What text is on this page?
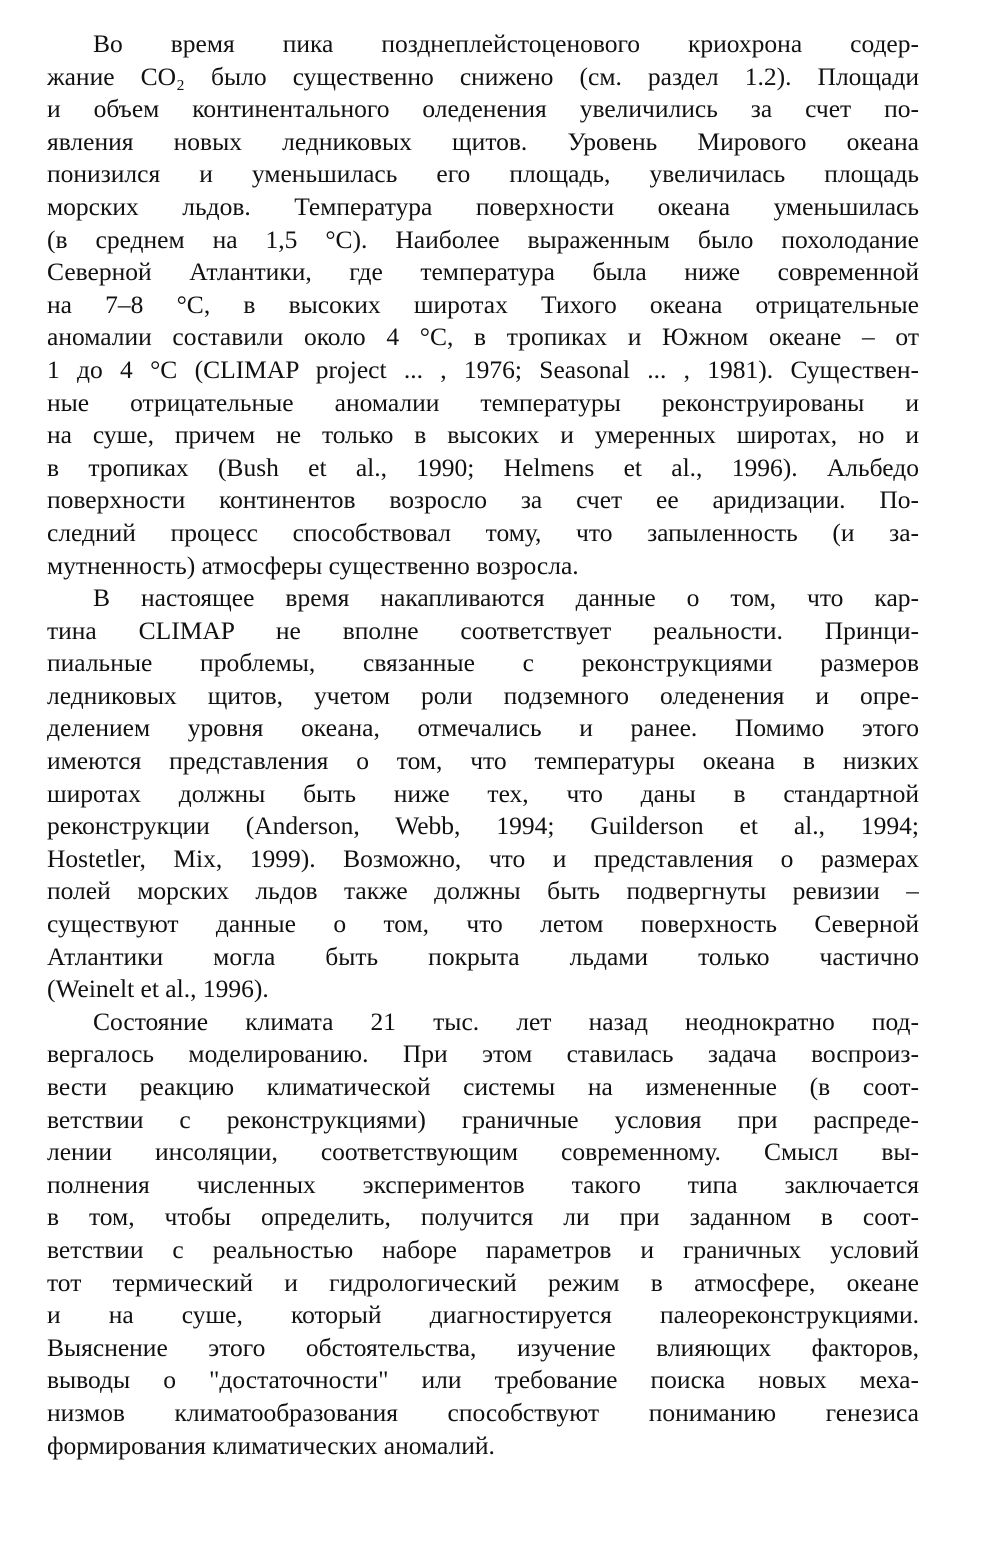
Во время пика позднеплейстоценового криохрона содер-
жание CO₂ было существенно снижено (см. раздел 1.2). Площади
и объем континентального оледенения увеличились за счет по-
явления новых ледниковых щитов. Уровень Мирового океана
понизился и уменьшилась его площадь, увеличилась площадь
морских льдов. Температура поверхности океана уменьшилась
(в среднем на 1,5 °C). Наиболее выраженным было похолодание
Северной Атлантики, где температура была ниже современной
на 7–8 °C, в высоких широтах Тихого океана отрицательные
аномалии составили около 4 °C, в тропиках и Южном океане – от
1 до 4 °C (CLIMAP project ... , 1976; Seasonal ... , 1981). Существен-
ные отрицательные аномалии температуры реконструированы и
на суше, причем не только в высоких и умеренных широтах, но и
в тропиках (Bush et al., 1990; Helmens et al., 1996). Альбедо
поверхности континентов возросло за счет ее аридизации. По-
следний процесс способствовал тому, что запыленность (и за-
мутненность) атмосферы существенно возросла.

В настоящее время накапливаются данные о том, что кар-
тина CLIMAP не вполне соответствует реальности. Принци-
пиальные проблемы, связанные с реконструкциями размеров
ледниковых щитов, учетом роли подземного оледенения и опре-
делением уровня океана, отмечались и ранее. Помимо этого
имеются представления о том, что температуры океана в низких
широтах должны быть ниже тех, что даны в стандартной
реконструкции (Anderson, Webb, 1994; Guilderson et al., 1994;
Hostetler, Mix, 1999). Возможно, что и представления о размерах
полей морских льдов также должны быть подвергнуты ревизии –
существуют данные о том, что летом поверхность Северной
Атлантики могла быть покрыта льдами только частично
(Weinelt et al., 1996).

Состояние климата 21 тыс. лет назад неоднократно под-
вергалось моделированию. При этом ставилась задача воспроиз-
вести реакцию климатической системы на измененные (в соот-
ветствии с реконструкциями) граничные условия при распреде-
лении инсоляции, соответствующим современному. Смысл вы-
полнения численных экспериментов такого типа заключается
в том, чтобы определить, получится ли при заданном в соот-
ветствии с реальностью наборе параметров и граничных условий
тот термический и гидрологический режим в атмосфере, океане
и на суше, который диагностируется палеореконструкциями.
Выяснение этого обстоятельства, изучение влияющих факторов,
выводы о "достаточности" или требование поиска новых меха-
низмов климатообразования способствуют пониманию генезиса
формирования климатических аномалий.
